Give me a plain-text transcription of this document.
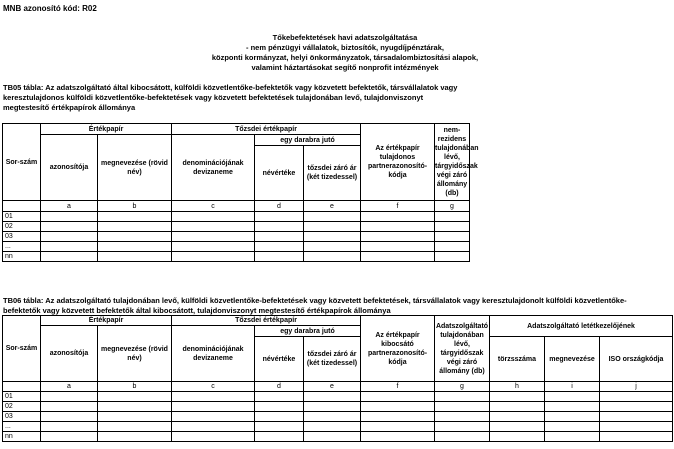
MNB azonosító kód: R02
Tőkebefektetések havi adatszolgáltatása
- nem pénzügyi vállalatok, biztosítók, nyugdíjpénztárak,
központi kormányzat, helyi önkormányzatok, társadalombiztosítási alapok,
valamint háztartásokat segítő nonprofit intézmények
TB05 tábla: Az adatszolgáltató által kibocsátott, külföldi közvetlentőke-befektetők vagy közvetett befektetők, társvállalatok vagy
keresztulajdonos külföldi közvetlentőke-befektetések vagy közvetett befektetések tulajdonában levő, tulajdonviszonyt
megtestesítő értékpapírok állománya
Sor-szám	Értékpapír		Tőzsdei értékpapír			Az értékpapír tulajdonos partnerazonosító-kódja	nem-rezidens tulajdonában lévő, tárgyidőszak végi záró állomány (db)
	azonosítója	megnevezése (rövid név)	denominációjának devizaneme	egy darabra jutó			
				névértéke	tőzsdei záró ár (két tizedessel)		
	a	b	c	d	e	f	g
01							
02							
03							
...							
nn							
TB06 tábla: Az adatszolgáltató tulajdonában levő, külföldi közvetlentőke-befektetések vagy közvetett befektetések, társvállalatok vagy keresztulajdonolt külföldi közvetlentőke-
befektetők vagy közvetett befektetők által kibocsátott, tulajdonviszonyt megtestesítő értékpapírok állománya
Sor-szám	Értékpapír		Tőzsdei értékpapír			Az értékpapír kibocsátó partnerazonosító-kódja	Adatszolgáltató tulajdonában lévő, tárgyidőszak végi záró állomány (db)	Adatszolgáltató letétkezelőjének		
	azonosítója	megnevezése (rövid név)	denominációjának devizaneme	egy darabra jutó						
				névértéke	tőzsdei záró ár (két tizedessel)			törzsszáma	megnevezése	ISO országkódja
	a	b	c	d	e	f	g	h	i	j
01										
02										
03										
...										
nn										
